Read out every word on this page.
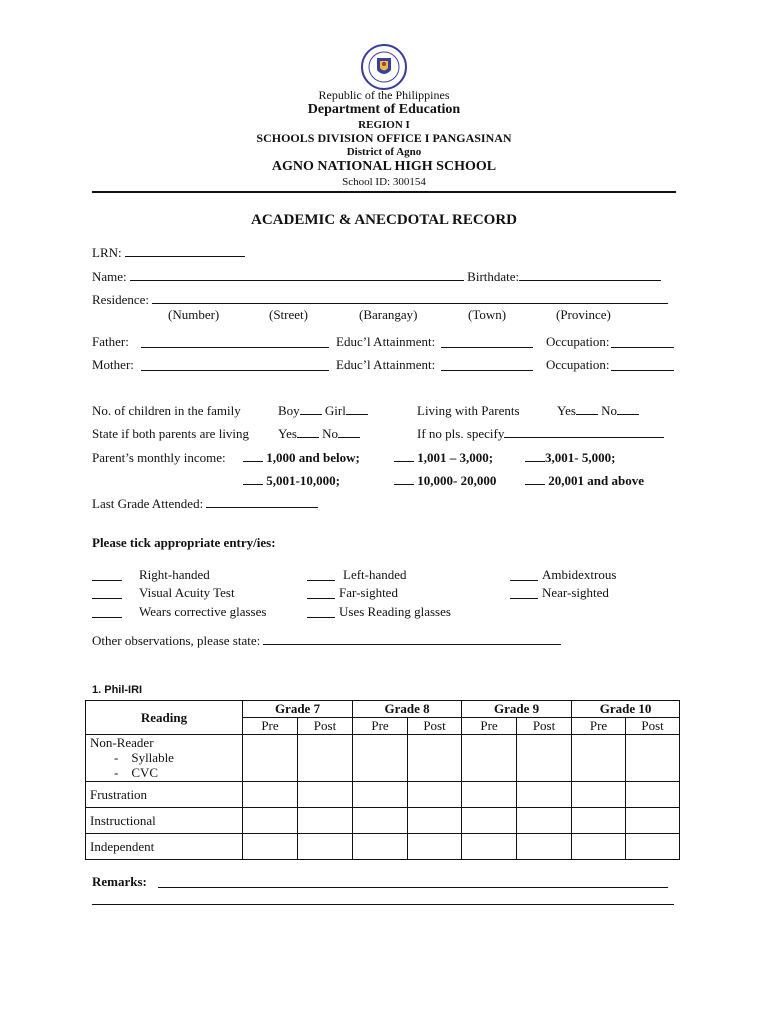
Republic of the Philippines
Department of Education
REGION I
SCHOOLS DIVISION OFFICE I PANGASINAN
District of Agno
AGNO NATIONAL HIGH SCHOOL
School ID: 300154
ACADEMIC & ANECDOTAL RECORD
LRN:
Name:	Birthdate:
Residence:
(Number)	(Street)	(Barangay)	(Town)	(Province)
Father:	Educ’l Attainment:	Occupation:
Mother:	Educ’l Attainment:	Occupation:
No. of children in the family	Boy Girl	Living with Parents	Yes No
State if both parents are living Yes No	If no pls. specify
Parent’s monthly income:	1,000 and below;	1,001 – 3,000;	3,001- 5,000;
5,001-10,000;	10,000- 20,000	20,001 and above
Last Grade Attended:
Please tick appropriate entry/ies:
Right-handed	Left-handed	Ambidextrous
Visual Acuity Test	Far-sighted	Near-sighted
Wears corrective glasses	Uses Reading glasses
Other observations, please state:
1. Phil-IRI
Reading	Grade 7		Grade 8		Grade 9		Grade 10	
	Pre	Post	Pre	Post	Pre	Post	Pre	Post

Non-Reader
-    Syllable
-    CVC								

Frustration								
Instructional								
Independent								
Remarks:
